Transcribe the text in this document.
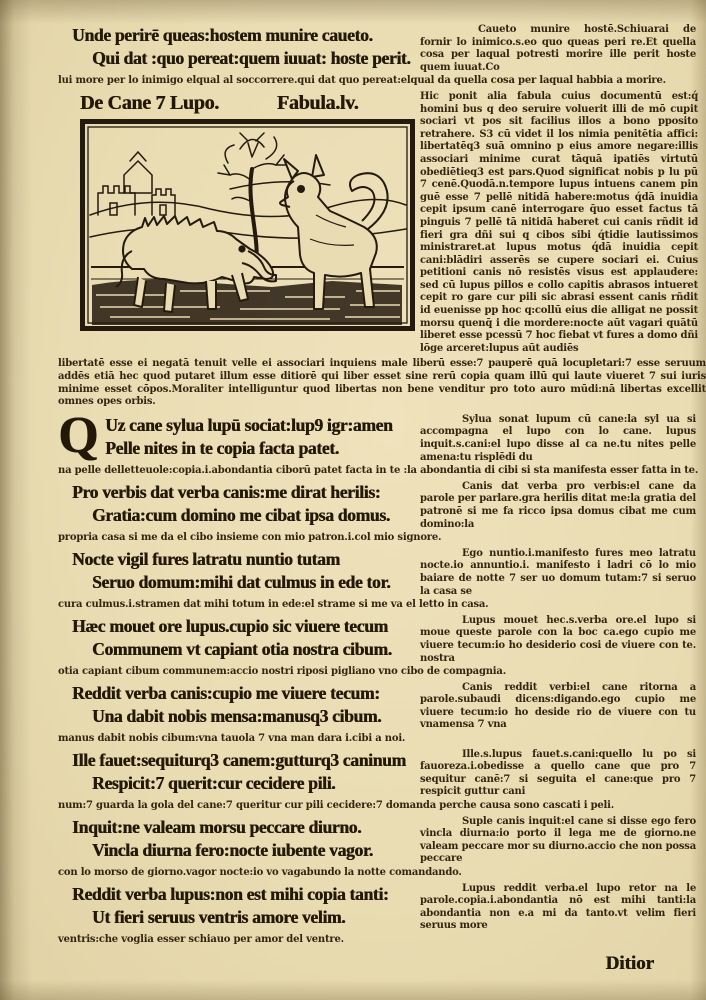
Unde perirē queas:hostem munire caueto.
Qui dat :quo pereat:quem iuuat: hoste perit.

Caueto munire hostē.Schiuarai de fornir lo inimico.s.eo quo queas peri re.Et quella cosa per laqual potresti morire ille perit hoste quem iuuat.Co

lui more per lo inimigo elqual al soccorrere.qui dat quo pereat:elqual da quella cosa per laqual habbia a morire.

De Cane 7 Lupo.	Fabula.lv.	Hic ponit alia fabula cuius documentū est:q́ homini bus q deo seruire voluerit illi de mō cupit sociari vt pos sit facilius illos a bono pposito retrahere. S3 cū videt il los nimia penitētia affici: libertatēq3 suā omnino p eius amore negare:illis associari minime curat tāquā ipatiēs virtutū obediētieq3 est pars.Quod significat nobis p lu pū 7 cenē.Quodā.n.tempore lupus intuens canem pin guē esse 7 pellē nitidā habere:motus q́dā inuidia cepit ipsum canē interrogare q̄uo esset factus tā pinguis 7 pellē tā nitidā haberet cui canis rñdit id fieri gra dñi sui q cibos sibi q́tidie lautissimos ministraret.at lupus motus q́dā inuidia cepit cani:blādiri asserēs se cupere sociari ei. Cuius petitioni canis nō resistēs visus est applaudere: sed cū lupus pillos e collo capitis abrasos intueret cepit ro gare cur pili sic abrasi essent canis rñdit id euenisse pp hoc q:collū eius die alligat ne possit morsu quenq̄ i die mordere:nocte aūt vagari quātū liberet esse pcessū 7 hoc fiebat vt fures a domo dñi lōge arceret:lupus aūt audiēs

libertatē esse ei negatā tenuit velle ei associari inquiens male liberū esse:7 pauperē quā locupletari:7 esse seruum addēs etiā hec quod putaret illum esse ditiorē qui liber esset sine rerū copia quam illū qui laute viueret 7 sui iuris minime esset cōpos.Moraliter intelliguntur quod libertas non bene venditur pro toto auro mūdi:nā libertas excellit omnes opes orbis.

Q Uz cane sylua lupū sociat:lup9 igr:amen
Pelle nites in te copia facta patet.

Sylua sonat lupum cū cane:la syl ua si accompagna el lupo con lo cane. lupus inquit.s.cani:el lupo disse al ca ne.tu nites pelle amena:tu risplēdi du

na pelle delletteuole:copia.i.abondantia ciborū patet facta in te :la abondantia di cibi si sta manifesta esser fatta in te.

Pro verbis dat verba canis:me dirat herilis:
Gratia:cum domino me cibat ipsa domus.

Canis dat verba pro verbis:el cane da parole per parlare.gra herilis ditat me:la gratia del patronē si me fa ricco ipsa domus cibat me cum domino:la

propria casa si me da el cibo insieme con mio patron.i.col mio signore.

Nocte vigil fures latratu nuntio tutam
Seruo domum:mihi dat culmus in ede tor.

Ego nuntio.i.manifesto fures meo latratu nocte.io annuntio.i. manifesto i ladri cō lo mio baiare de notte 7 ser uo domum tutam:7 si seruo la casa se

cura culmus.i.stramen dat mihi totum in ede:el strame si me va el letto in casa.

Hæc mouet ore lupus.cupio sic viuere tecum
Communem vt capiant otia nostra cibum.

Lupus mouet hec.s.verba ore.el lupo si moue queste parole con la boc ca.ego cupio me viuere tecum:io ho desiderio cosi de viuere con te. nostra

otia capiant cibum communem:accio nostri riposi pigliano vno cibo de compagnia.

Reddit verba canis:cupio me viuere tecum:
Una dabit nobis mensa:manusq3 cibum.

Canis reddit verbi:el cane ritorna a parole.subaudi dicens:digando.ego cupio me viuere tecum:io ho deside rio de viuere con tu vnamensa 7 vna

manus dabit nobis cibum:vna tauola 7 vna man dara i.cibi a noi.

Ille fauet:sequiturq3 canem:gutturq3 caninum
Respicit:7 querit:cur cecidere pili.

Ille.s.lupus fauet.s.cani:quello lu po si fauoreza.i.obedisse a quello cane que pro 7 sequitur canē:7 si seguita el cane:que pro 7 respicit guttur cani

num:7 guarda la gola del cane:7 queritur cur pili cecidere:7 domanda perche causa sono cascati i peli.

Inquit:ne valeam morsu peccare diurno.
Vincla diurna fero:nocte iubente vagor.

Suple canis inquit:el cane si disse ego fero vincla diurna:io porto il lega me de giorno.ne valeam peccare mor su diurno.accio che non possa peccare

con lo morso de giorno.vagor nocte:io vo vagabundo la notte comandando.

Reddit verba lupus:non est mihi copia tanti:
Ut fieri seruus ventris amore velim.

Lupus reddit verba.el lupo retor na le parole.copia.i.abondantia nō est mihi tanti:la abondantia non e.a mi da tanto.vt velim fieri seruus more

ventris:che voglia esser schiauo per amor del ventre.

Ditior
